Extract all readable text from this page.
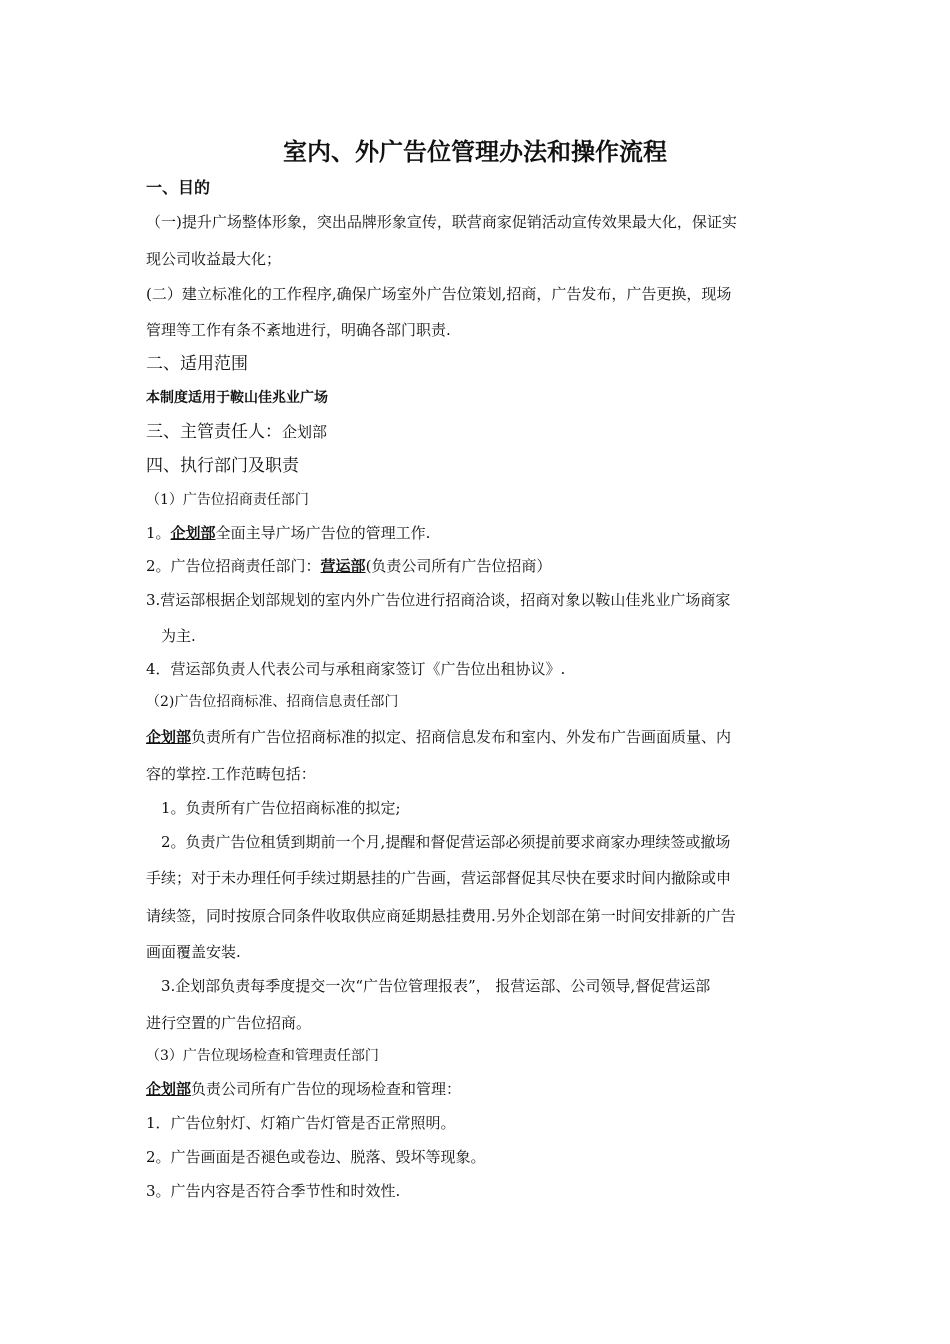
室内、外广告位管理办法和操作流程
一、目的
（一)提升广场整体形象，突出品牌形象宣传，联营商家促销活动宣传效果最大化，保证实
现公司收益最大化；
(二）建立标准化的工作程序,确保广场室外广告位策划,招商，广告发布，广告更换，现场
管理等工作有条不紊地进行，明确各部门职责.
二、适用范围
本制度适用于鞍山佳兆业广场
三、主管责任人：企划部
四、执行部门及职责
（1）广告位招商责任部门
1。企划部全面主导广场广告位的管理工作.
2。广告位招商责任部门：营运部(负责公司所有广告位招商）
3.营运部根据企划部规划的室内外广告位进行招商洽谈，招商对象以鞍山佳兆业广场商家
为主.
4．营运部负责人代表公司与承租商家签订《广告位出租协议》.
（2)广告位招商标准、招商信息责任部门
企划部负责所有广告位招商标准的拟定、招商信息发布和室内、外发布广告画面质量、内
容的掌控.工作范畴包括：
1。负责所有广告位招商标准的拟定;
2。负责广告位租赁到期前一个月,提醒和督促营运部必须提前要求商家办理续签或撤场
手续；对于未办理任何手续过期悬挂的广告画，营运部督促其尽快在要求时间内撤除或申
请续签，同时按原合同条件收取供应商延期悬挂费用.另外企划部在第一时间安排新的广告
画面覆盖安装.
3.企划部负责每季度提交一次“广告位管理报表”， 报营运部、公司领导,督促营运部
进行空置的广告位招商。
（3）广告位现场检查和管理责任部门
企划部负责公司所有广告位的现场检查和管理：
1．广告位射灯、灯箱广告灯管是否正常照明。
2。广告画面是否褪色或卷边、脱落、毁坏等现象。
3。广告内容是否符合季节性和时效性.
